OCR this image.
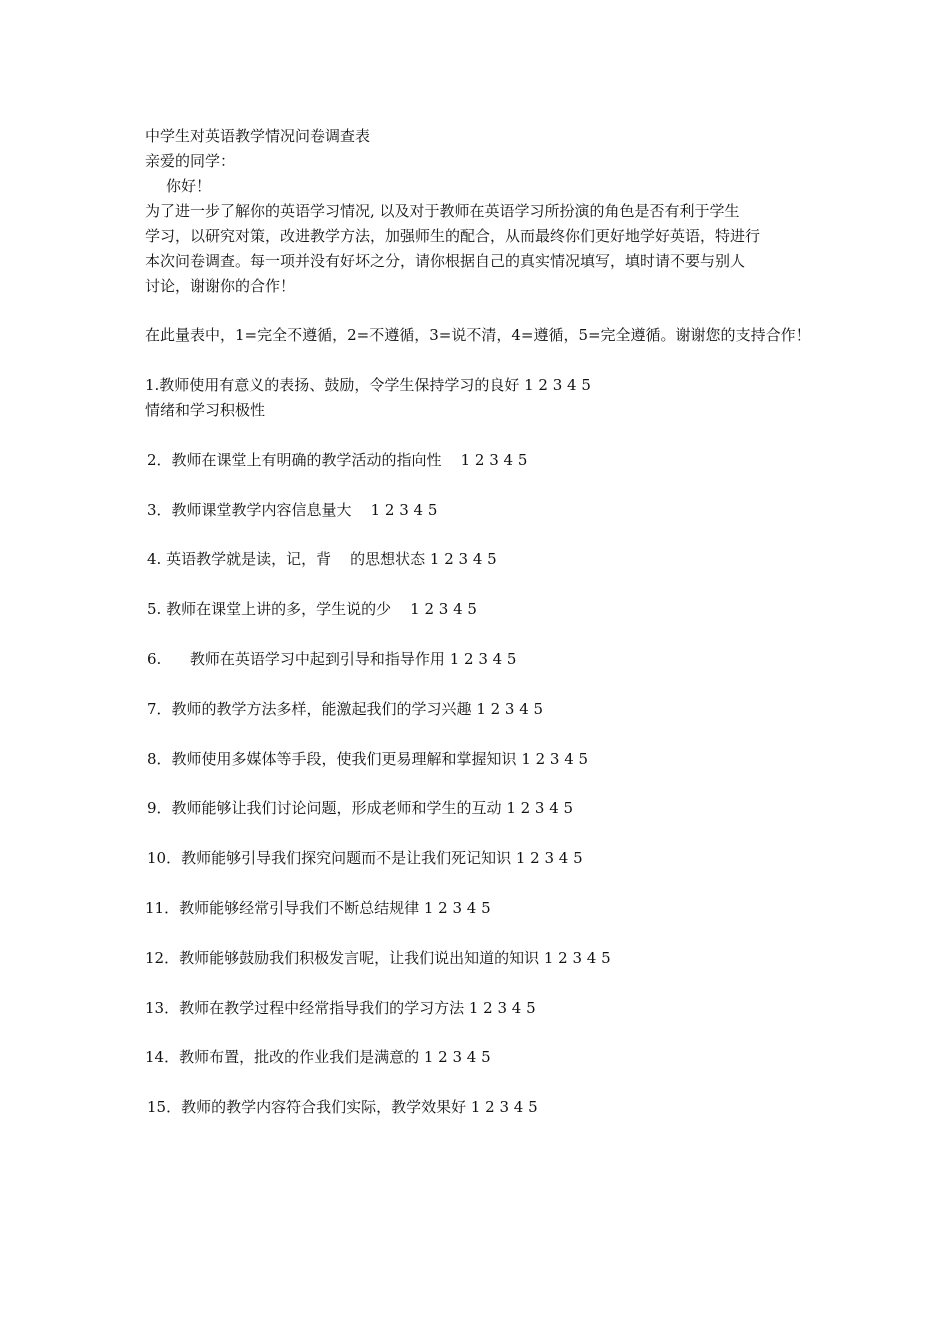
中学生对英语教学情况问卷调查表
亲爱的同学：
你好！
为了进一步了解你的英语学习情况, 以及对于教师在英语学习所扮演的角色是否有利于学生
学习，以研究对策，改进教学方法，加强师生的配合，从而最终你们更好地学好英语，特进行
本次问卷调查。每一项并没有好坏之分，请你根据自己的真实情况填写，填时请不要与别人
讨论，谢谢你的合作！
在此量表中，1=完全不遵循，2=不遵循，3=说不清，4=遵循，5=完全遵循。谢谢您的支持合作！
1.教师使用有意义的表扬、鼓励，令学生保持学习的良好 1 2 3 4 5
情绪和学习积极性
2．教师在课堂上有明确的教学活动的指向性    1 2 3 4 5
3．教师课堂教学内容信息量大    1 2 3 4 5
4. 英语教学就是读，记，背    的思想状态 1 2 3 4 5
5. 教师在课堂上讲的多，学生说的少    1 2 3 4 5
6.      教师在英语学习中起到引导和指导作用 1 2 3 4 5
7．教师的教学方法多样，能激起我们的学习兴趣 1 2 3 4 5
8．教师使用多媒体等手段，使我们更易理解和掌握知识 1 2 3 4 5
9．教师能够让我们讨论问题，形成老师和学生的互动 1 2 3 4 5
10．教师能够引导我们探究问题而不是让我们死记知识 1 2 3 4 5
11．教师能够经常引导我们不断总结规律 1 2 3 4 5
12．教师能够鼓励我们积极发言呢，让我们说出知道的知识 1 2 3 4 5
13．教师在教学过程中经常指导我们的学习方法 1 2 3 4 5
14．教师布置，批改的作业我们是满意的 1 2 3 4 5
15．教师的教学内容符合我们实际，教学效果好 1 2 3 4 5
